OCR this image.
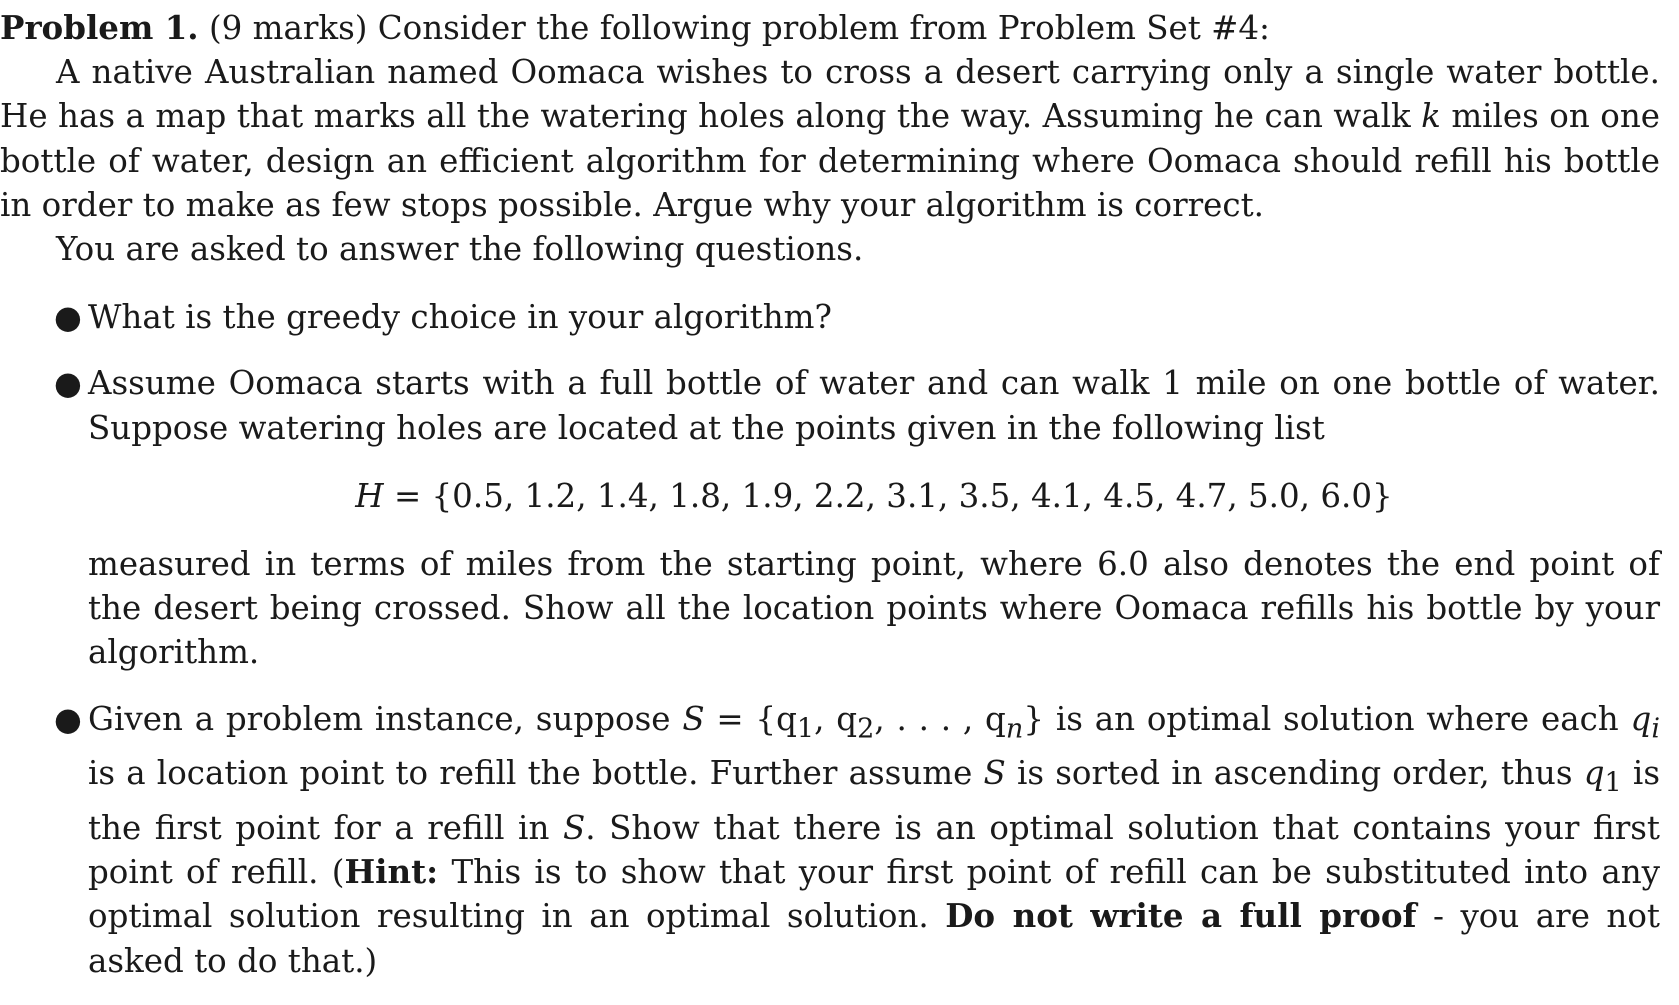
Problem 1. (9 marks) Consider the following problem from Problem Set #4:
A native Australian named Oomaca wishes to cross a desert carrying only a single water bottle. He has a map that marks all the watering holes along the way. Assuming he can walk k miles on one bottle of water, design an efficient algorithm for determining where Oomaca should refill his bottle in order to make as few stops possible. Argue why your algorithm is correct.
You are asked to answer the following questions.
● What is the greedy choice in your algorithm?
● Assume Oomaca starts with a full bottle of water and can walk 1 mile on one bottle of water. Suppose watering holes are located at the points given in the following list
H = {0.5, 1.2, 1.4, 1.8, 1.9, 2.2, 3.1, 3.5, 4.1, 4.5, 4.7, 5.0, 6.0}
measured in terms of miles from the starting point, where 6.0 also denotes the end point of the desert being crossed. Show all the location points where Oomaca refills his bottle by your algorithm.
● Given a problem instance, suppose $S = \{q_1$, $q_2$, . . . , $q_n$} is an optimal solution where each $q_i$ is a location point to refill the bottle. Further assume S is sorted in ascending order, thus $q_1$ is the first point for a refill in S. Show that there is an optimal solution that contains your first point of refill. (Hint: This is to show that your first point of refill can be substituted into any optimal solution resulting in an optimal solution. Do not write a full proof - you are not asked to do that.)
